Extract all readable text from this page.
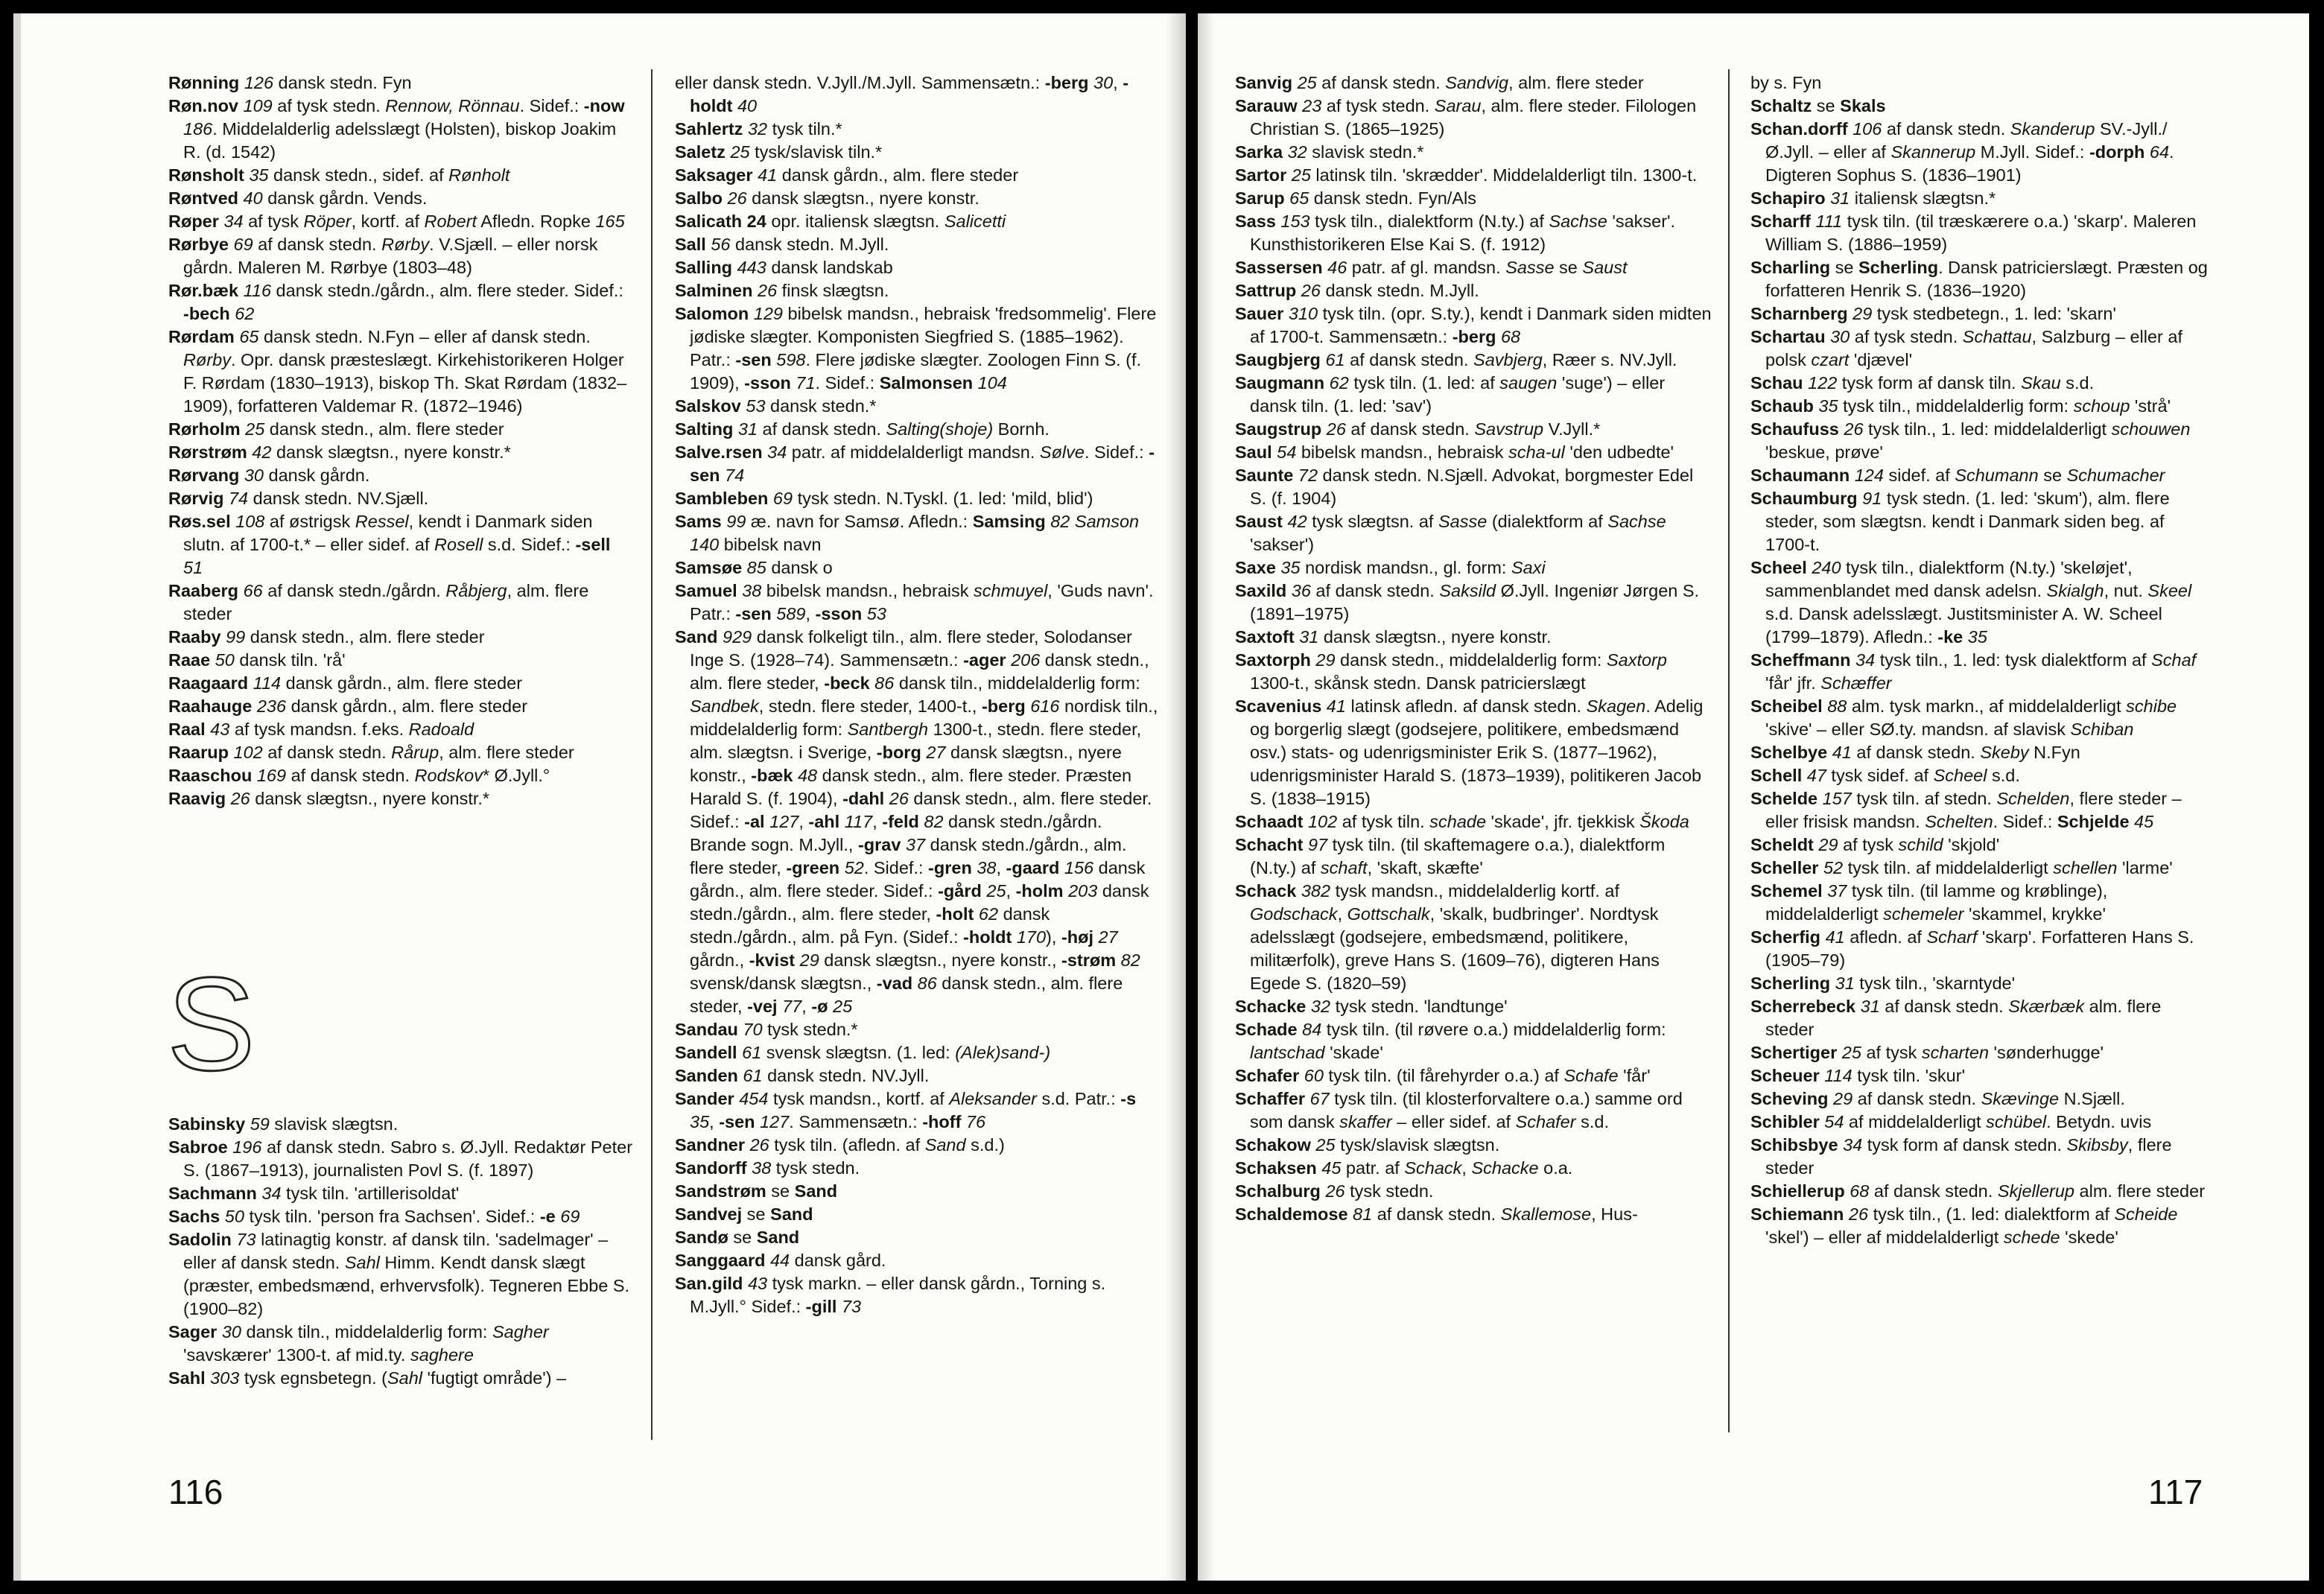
Rønning 126 dansk stedn. Fyn

Røn.nov 109 af tysk stedn. Rennow, Rönnau. Sidef.: -now 186. Middelalderlig adelsslægt (Holsten), biskop Joakim R. (d. 1542)

Rønsholt 35 dansk stedn., sidef. af Rønholt

Røntved 40 dansk gårdn. Vends.

Røper 34 af tysk Röper, kortf. af Robert Afledn. Ropke 165

Rørbye 69 af dansk stedn. Rørby. V.Sjæll. – eller norsk gårdn. Maleren M. Rørbye (1803–48)

Rør.bæk 116 dansk stedn./gårdn., alm. flere steder. Sidef.: -bech 62

Rørdam 65 dansk stedn. N.Fyn – eller af dansk stedn. Rørby. Opr. dansk præsteslægt. Kirkehistorikeren Holger F. Rørdam (1830–1913), biskop Th. Skat Rørdam (1832–1909), forfatteren Valdemar R. (1872–1946)

Rørholm 25 dansk stedn., alm. flere steder

Rørstrøm 42 dansk slægtsn., nyere konstr.*

Rørvang 30 dansk gårdn.

Rørvig 74 dansk stedn. NV.Sjæll.

Røs.sel 108 af østrigsk Ressel, kendt i Danmark siden slutn. af 1700-t.* – eller sidef. af Rosell s.d. Sidef.: -sell 51

Raaberg 66 af dansk stedn./gårdn. Råbjerg, alm. flere steder

Raaby 99 dansk stedn., alm. flere steder

Raae 50 dansk tiln. 'rå'

Raagaard 114 dansk gårdn., alm. flere steder

Raahauge 236 dansk gårdn., alm. flere steder

Raal 43 af tysk mandsn. f.eks. Radoald

Raarup 102 af dansk stedn. Rårup, alm. flere steder

Raaschou 169 af dansk stedn. Rodskov* Ø.Jyll.°

Raavig 26 dansk slægtsn., nyere konstr.*

S

Sabinsky 59 slavisk slægtsn.

Sabroe 196 af dansk stedn. Sabro s. Ø.Jyll. Redaktør Peter S. (1867–1913), journalisten Povl S. (f. 1897)

Sachmann 34 tysk tiln. 'artillerisoldat'

Sachs 50 tysk tiln. 'person fra Sachsen'. Sidef.: -e 69

Sadolin 73 latinagtig konstr. af dansk tiln. 'sadelmager' – eller af dansk stedn. Sahl Himm. Kendt dansk slægt (præster, embedsmænd, erhvervsfolk). Tegneren Ebbe S. (1900–82)

Sager 30 dansk tiln., middelalderlig form: Sagher 'savskærer' 1300-t. af mid.ty. saghere

Sahl 303 tysk egnsbetegn. (Sahl 'fugtigt område') –

eller dansk stedn. V.Jyll./M.Jyll. Sammensætn.: -berg 30, -holdt 40

Sahlertz 32 tysk tiln.*

Saletz 25 tysk/slavisk tiln.*

Saksager 41 dansk gårdn., alm. flere steder

Salbo 26 dansk slægtsn., nyere konstr.

Salicath 24 opr. italiensk slægtsn. Salicetti

Sall 56 dansk stedn. M.Jyll.

Salling 443 dansk landskab

Salminen 26 finsk slægtsn.

Salomon 129 bibelsk mandsn., hebraisk 'fredsommelig'. Flere jødiske slægter. Komponisten Siegfried S. (1885–1962). Patr.: -sen 598. Flere jødiske slægter. Zoologen Finn S. (f. 1909), -sson 71. Sidef.: Salmonsen 104

Salskov 53 dansk stedn.*

Salting 31 af dansk stedn. Salting(shoje) Bornh.

Salve.rsen 34 patr. af middelalderligt mandsn. Sølve. Sidef.: -sen 74

Sambleben 69 tysk stedn. N.Tyskl. (1. led: 'mild, blid')

Sams 99 æ. navn for Samsø. Afledn.: Samsing 82 Samson 140 bibelsk navn

Samsøe 85 dansk o

Samuel 38 bibelsk mandsn., hebraisk schmuyel, 'Guds navn'. Patr.: -sen 589, -sson 53

Sand 929 dansk folkeligt tiln., alm. flere steder, Solodanser Inge S. (1928–74). Sammensætn.: -ager 206 dansk stedn., alm. flere steder, -beck 86 dansk tiln., middelalderlig form: Sandbek, stedn. flere steder, 1400-t., -berg 616 nordisk tiln., middelalderlig form: Santbergh 1300-t., stedn. flere steder, alm. slægtsn. i Sverige, -borg 27 dansk slægtsn., nyere konstr., -bæk 48 dansk stedn., alm. flere steder. Præsten Harald S. (f. 1904), -dahl 26 dansk stedn., alm. flere steder. Sidef.: -al 127, -ahl 117, -feld 82 dansk stedn./gårdn. Brande sogn. M.Jyll., -grav 37 dansk stedn./gårdn., alm. flere steder, -green 52. Sidef.: -gren 38, -gaard 156 dansk gårdn., alm. flere steder. Sidef.: -gård 25, -holm 203 dansk stedn./gårdn., alm. flere steder, -holt 62 dansk stedn./gårdn., alm. på Fyn. (Sidef.: -holdt 170), -høj 27 gårdn., -kvist 29 dansk slægtsn., nyere konstr., -strøm 82 svensk/dansk slægtsn., -vad 86 dansk stedn., alm. flere steder, -vej 77, -ø 25

Sandau 70 tysk stedn.*

Sandell 61 svensk slægtsn. (1. led: (Alek)sand-)

Sanden 61 dansk stedn. NV.Jyll.

Sander 454 tysk mandsn., kortf. af Aleksander s.d. Patr.: -s 35, -sen 127. Sammensætn.: -hoff 76

Sandner 26 tysk tiln. (afledn. af Sand s.d.)

Sandorff 38 tysk stedn.

Sandstrøm se Sand

Sandvej se Sand

Sandø se Sand

Sanggaard 44 dansk gård.

San.gild 43 tysk markn. – eller dansk gårdn., Torning s. M.Jyll.° Sidef.: -gill 73

116

Sanvig 25 af dansk stedn. Sandvig, alm. flere steder

Sarauw 23 af tysk stedn. Sarau, alm. flere steder. Filologen Christian S. (1865–1925)

Sarka 32 slavisk stedn.*

Sartor 25 latinsk tiln. 'skrædder'. Middelalderligt tiln. 1300-t.

Sarup 65 dansk stedn. Fyn/Als

Sass 153 tysk tiln., dialektform (N.ty.) af Sachse 'sakser'. Kunsthistorikeren Else Kai S. (f. 1912)

Sassersen 46 patr. af gl. mandsn. Sasse se Saust

Sattrup 26 dansk stedn. M.Jyll.

Sauer 310 tysk tiln. (opr. S.ty.), kendt i Danmark siden midten af 1700-t. Sammensætn.: -berg 68

Saugbjerg 61 af dansk stedn. Savbjerg, Ræer s. NV.Jyll.

Saugmann 62 tysk tiln. (1. led: af saugen 'suge') – eller dansk tiln. (1. led: 'sav')

Saugstrup 26 af dansk stedn. Savstrup V.Jyll.*

Saul 54 bibelsk mandsn., hebraisk scha-ul 'den udbedte'

Saunte 72 dansk stedn. N.Sjæll. Advokat, borgmester Edel S. (f. 1904)

Saust 42 tysk slægtsn. af Sasse (dialektform af Sachse 'sakser')

Saxe 35 nordisk mandsn., gl. form: Saxi

Saxild 36 af dansk stedn. Saksild Ø.Jyll. Ingeniør Jørgen S. (1891–1975)

Saxtoft 31 dansk slægtsn., nyere konstr.

Saxtorph 29 dansk stedn., middelalderlig form: Saxtorp 1300-t., skånsk stedn. Dansk patricierslægt

Scavenius 41 latinsk afledn. af dansk stedn. Skagen. Adelig og borgerlig slægt (godsejere, politikere, embedsmænd osv.) stats- og udenrigsminister Erik S. (1877–1962), udenrigsminister Harald S. (1873–1939), politikeren Jacob S. (1838–1915)

Schaadt 102 af tysk tiln. schade 'skade', jfr. tjekkisk Škoda

Schacht 97 tysk tiln. (til skaftemagere o.a.), dialektform (N.ty.) af schaft, 'skaft, skæfte'

Schack 382 tysk mandsn., middelalderlig kortf. af Godschack, Gottschalk, 'skalk, budbringer'. Nordtysk adelsslægt (godsejere, embedsmænd, politikere, militærfolk), greve Hans S. (1609–76), digteren Hans Egede S. (1820–59)

Schacke 32 tysk stedn. 'landtunge'

Schade 84 tysk tiln. (til røvere o.a.) middelalderlig form: lantschad 'skade'

Schafer 60 tysk tiln. (til fårehyrder o.a.) af Schafe 'får'

Schaffer 67 tysk tiln. (til klosterforvaltere o.a.) samme ord som dansk skaffer – eller sidef. af Schafer s.d.

Schakow 25 tysk/slavisk slægtsn.

Schaksen 45 patr. af Schack, Schacke o.a.

Schalburg 26 tysk stedn.

Schaldemose 81 af dansk stedn. Skallemose, Hus-

by s. Fyn

Schaltz se Skals

Schan.dorff 106 af dansk stedn. Skanderup SV.-Jyll./Ø.Jyll. – eller af Skannerup M.Jyll. Sidef.: -dorph 64. Digteren Sophus S. (1836–1901)

Schapiro 31 italiensk slægtsn.*

Scharff 111 tysk tiln. (til træskærere o.a.) 'skarp'. Maleren William S. (1886–1959)

Scharling se Scherling. Dansk patricierslægt. Præsten og forfatteren Henrik S. (1836–1920)

Scharnberg 29 tysk stedbetegn., 1. led: 'skarn'

Schartau 30 af tysk stedn. Schattau, Salzburg – eller af polsk czart 'djævel'

Schau 122 tysk form af dansk tiln. Skau s.d.

Schaub 35 tysk tiln., middelalderlig form: schoup 'strå'

Schaufuss 26 tysk tiln., 1. led: middelalderligt schouwen 'beskue, prøve'

Schaumann 124 sidef. af Schumann se Schumacher

Schaumburg 91 tysk stedn. (1. led: 'skum'), alm. flere steder, som slægtsn. kendt i Danmark siden beg. af 1700-t.

Scheel 240 tysk tiln., dialektform (N.ty.) 'skeløjet', sammenblandet med dansk adelsn. Skialgh, nut. Skeel s.d. Dansk adelsslægt. Justitsminister A. W. Scheel (1799–1879). Afledn.: -ke 35

Scheffmann 34 tysk tiln., 1. led: tysk dialektform af Schaf 'får' jfr. Schæffer

Scheibel 88 alm. tysk markn., af middelalderligt schibe 'skive' – eller SØ.ty. mandsn. af slavisk Schiban

Schelbye 41 af dansk stedn. Skeby N.Fyn

Schell 47 tysk sidef. af Scheel s.d.

Schelde 157 tysk tiln. af stedn. Schelden, flere steder – eller frisisk mandsn. Schelten. Sidef.: Schjelde 45

Scheldt 29 af tysk schild 'skjold'

Scheller 52 tysk tiln. af middelalderligt schellen 'larme'

Schemel 37 tysk tiln. (til lamme og krøblinge), middelalderligt schemeler 'skammel, krykke'

Scherfig 41 afledn. af Scharf 'skarp'. Forfatteren Hans S. (1905–79)

Scherling 31 tysk tiln., 'skarntyde'

Scherrebeck 31 af dansk stedn. Skærbæk alm. flere steder

Schertiger 25 af tysk scharten 'sønderhugge'

Scheuer 114 tysk tiln. 'skur'

Scheving 29 af dansk stedn. Skævinge N.Sjæll.

Schibler 54 af middelalderligt schübel. Betydn. uvis

Schibsbye 34 tysk form af dansk stedn. Skibsby, flere steder

Schiellerup 68 af dansk stedn. Skjellerup alm. flere steder

Schiemann 26 tysk tiln., (1. led: dialektform af Scheide 'skel') – eller af middelalderligt schede 'skede'

117
